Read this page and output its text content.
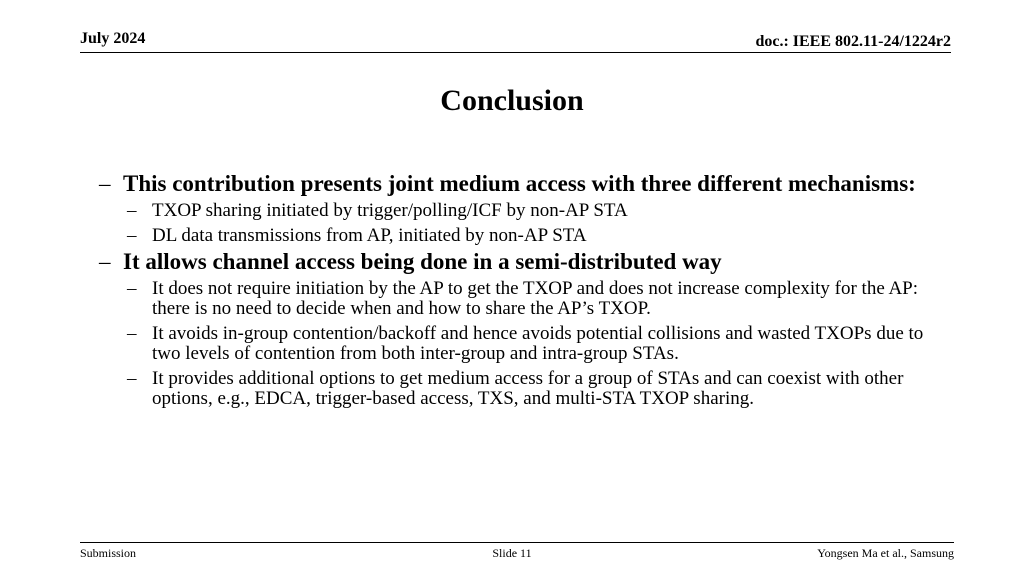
July 2024	doc.: IEEE 802.11-24/1224r2
Conclusion
– This contribution presents joint medium access with three different mechanisms:
– TXOP sharing initiated by trigger/polling/ICF by non-AP STA
– DL data transmissions from AP, initiated by non-AP STA
– It allows channel access being done in a semi-distributed way
– It does not require initiation by the AP to get the TXOP and does not increase complexity for the AP: there is no need to decide when and how to share the AP’s TXOP.
– It avoids in-group contention/backoff and hence avoids potential collisions and wasted TXOPs due to two levels of contention from both inter-group and intra-group STAs.
– It provides additional options to get medium access for a group of STAs and can coexist with other options, e.g., EDCA, trigger-based access, TXS, and multi-STA TXOP sharing.
Submission	Slide 11	Yongsen Ma et al., Samsung
